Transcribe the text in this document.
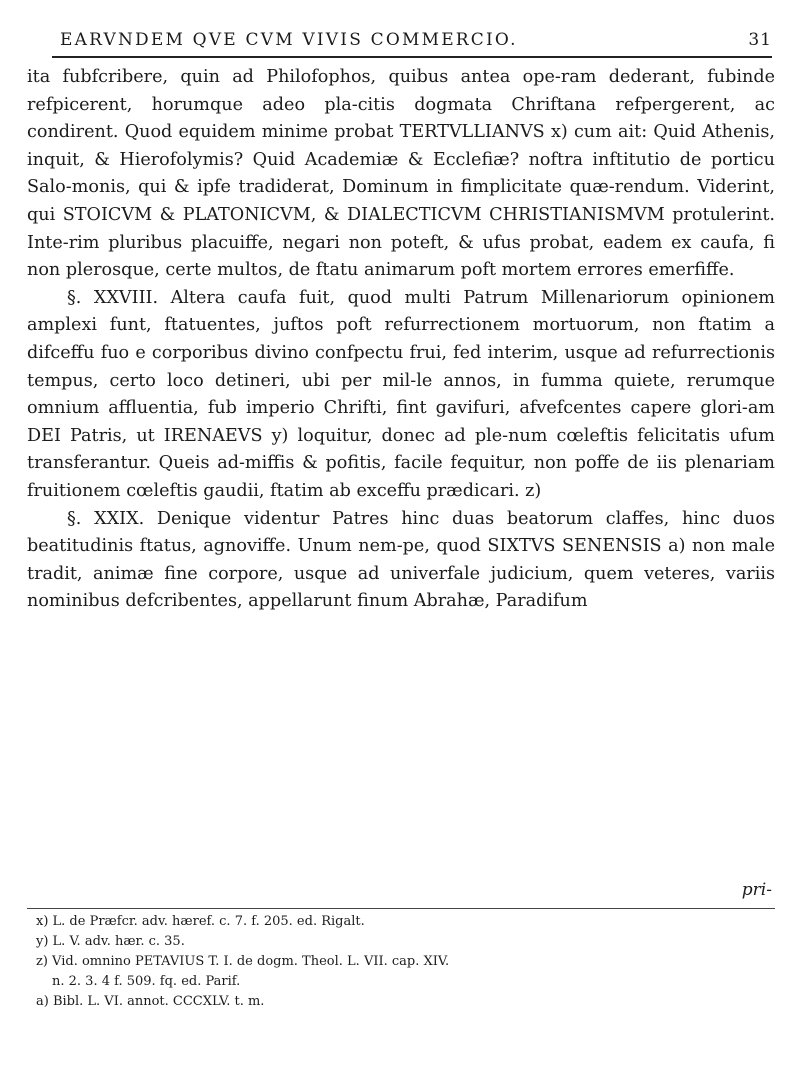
EARVNDEM QVE CVM VIVIS COMMERCIO.	31

ita fubfcribere, quin ad Philofophos, quibus antea ope-ram dederant, fubinde refpicerent, horumque adeo pla-citis dogmata Chriftana refpergerent, ac condirent. Quod equidem minime probat TERTVLLIANVS x) cum ait: Quid Athenis, inquit, & Hierofolymis? Quid Academiæ & Ecclefiæ? noftra inftitutio de porticu Salo-monis, qui & ipfe tradiderat, Dominum in fimplicitate quæ-rendum. Viderint, qui STOICVM & PLATONICVM, & DIALECTICVM CHRISTIANISMVM protulerint. Inte-rim pluribus placuiffe, negari non poteft, & ufus probat, eadem ex caufa, fi non plerosque, certe multos, de ftatu animarum poft mortem errores emerfiffe.

§. XXVIII. Altera caufa fuit, quod multi Patrum Millenariorum opinionem amplexi funt, ftatuentes, juftos poft refurrectionem mortuorum, non ftatim a difceffu fuo e corporibus divino confpectu frui, fed interim, usque ad refurrectionis tempus, certo loco detineri, ubi per mil-le annos, in fumma quiete, rerumque omnium affluentia, fub imperio Chrifti, fint gavifuri, afvefcentes capere glori-am DEI Patris, ut IRENAEVS y) loquitur, donec ad ple-num cœleftis felicitatis ufum transferantur. Queis ad-miffis & pofitis, facile fequitur, non poffe de iis plenariam fruitionem cœleftis gaudii, ftatim ab exceffu prædicari. z)

§. XXIX. Denique videntur Patres hinc duas beatorum claffes, hinc duos beatitudinis ftatus, agnoviffe. Unum nem-pe, quod SIXTVS SENENSIS a) non male tradit, animæ fine corpore, usque ad univerfale judicium, quem veteres, variis nominibus defcribentes, appellarunt finum Abrahæ, Paradifum

pri-
x) L. de Præfcr. adv. hæref. c. 7. f. 205. ed. Rigalt.
y) L. V. adv. hær. c. 35.
z) Vid. omnino PETAVIUS T. I. de dogm. Theol. L. VII. cap. XIV.
n. 2. 3. 4 f. 509. fq. ed. Parif.
a) Bibl. L. VI. annot. CCCXLV. t. m.
